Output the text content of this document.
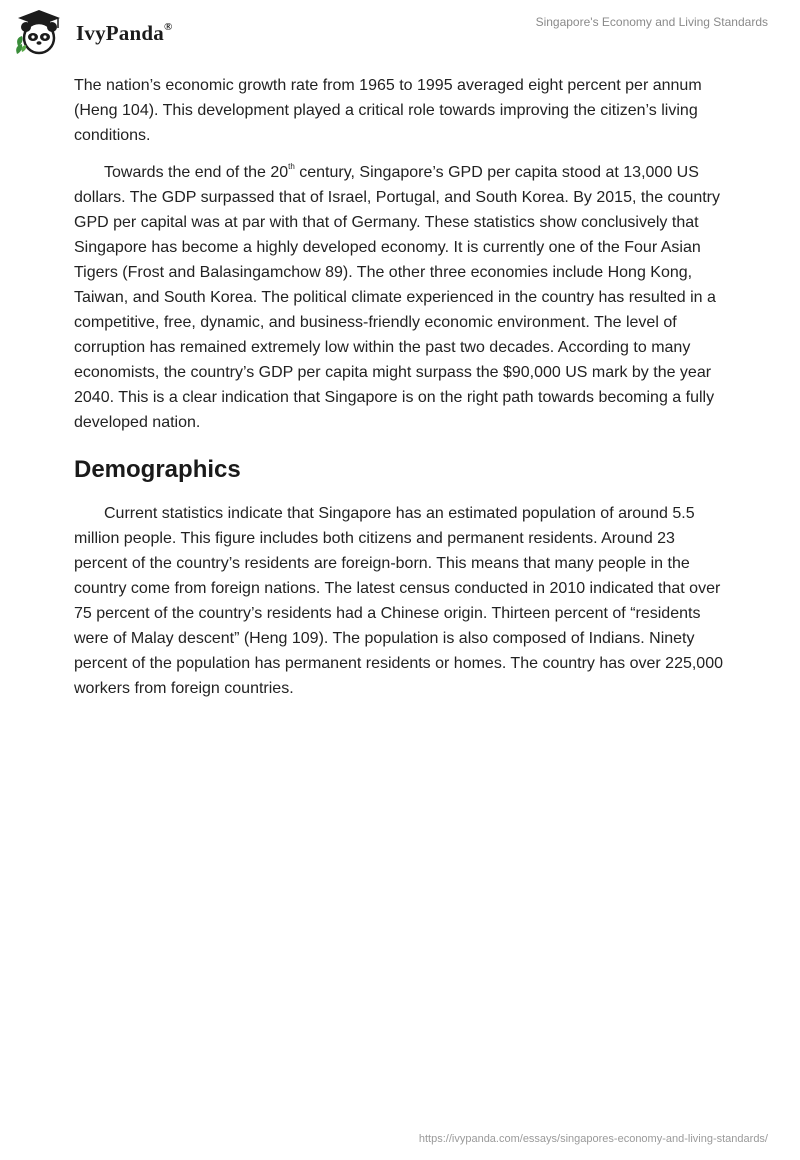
IvyPanda®	Singapore's Economy and Living Standards

The nation’s economic growth rate from 1965 to 1995 averaged eight percent per annum (Heng 104). This development played a critical role towards improving the citizen’s living conditions.

Towards the end of the 20th century, Singapore’s GPD per capita stood at 13,000 US dollars. The GDP surpassed that of Israel, Portugal, and South Korea. By 2015, the country GPD per capital was at par with that of Germany. These statistics show conclusively that Singapore has become a highly developed economy. It is currently one of the Four Asian Tigers (Frost and Balasingamchow 89). The other three economies include Hong Kong, Taiwan, and South Korea. The political climate experienced in the country has resulted in a competitive, free, dynamic, and business-friendly economic environment. The level of corruption has remained extremely low within the past two decades. According to many economists, the country’s GDP per capita might surpass the $90,000 US mark by the year 2040. This is a clear indication that Singapore is on the right path towards becoming a fully developed nation.

Demographics

Current statistics indicate that Singapore has an estimated population of around 5.5 million people. This figure includes both citizens and permanent residents. Around 23 percent of the country’s residents are foreign-born. This means that many people in the country come from foreign nations. The latest census conducted in 2010 indicated that over 75 percent of the country’s residents had a Chinese origin. Thirteen percent of “residents were of Malay descent” (Heng 109). The population is also composed of Indians. Ninety percent of the population has permanent residents or homes. The country has over 225,000 workers from foreign countries.

https://ivypanda.com/essays/singapores-economy-and-living-standards/
